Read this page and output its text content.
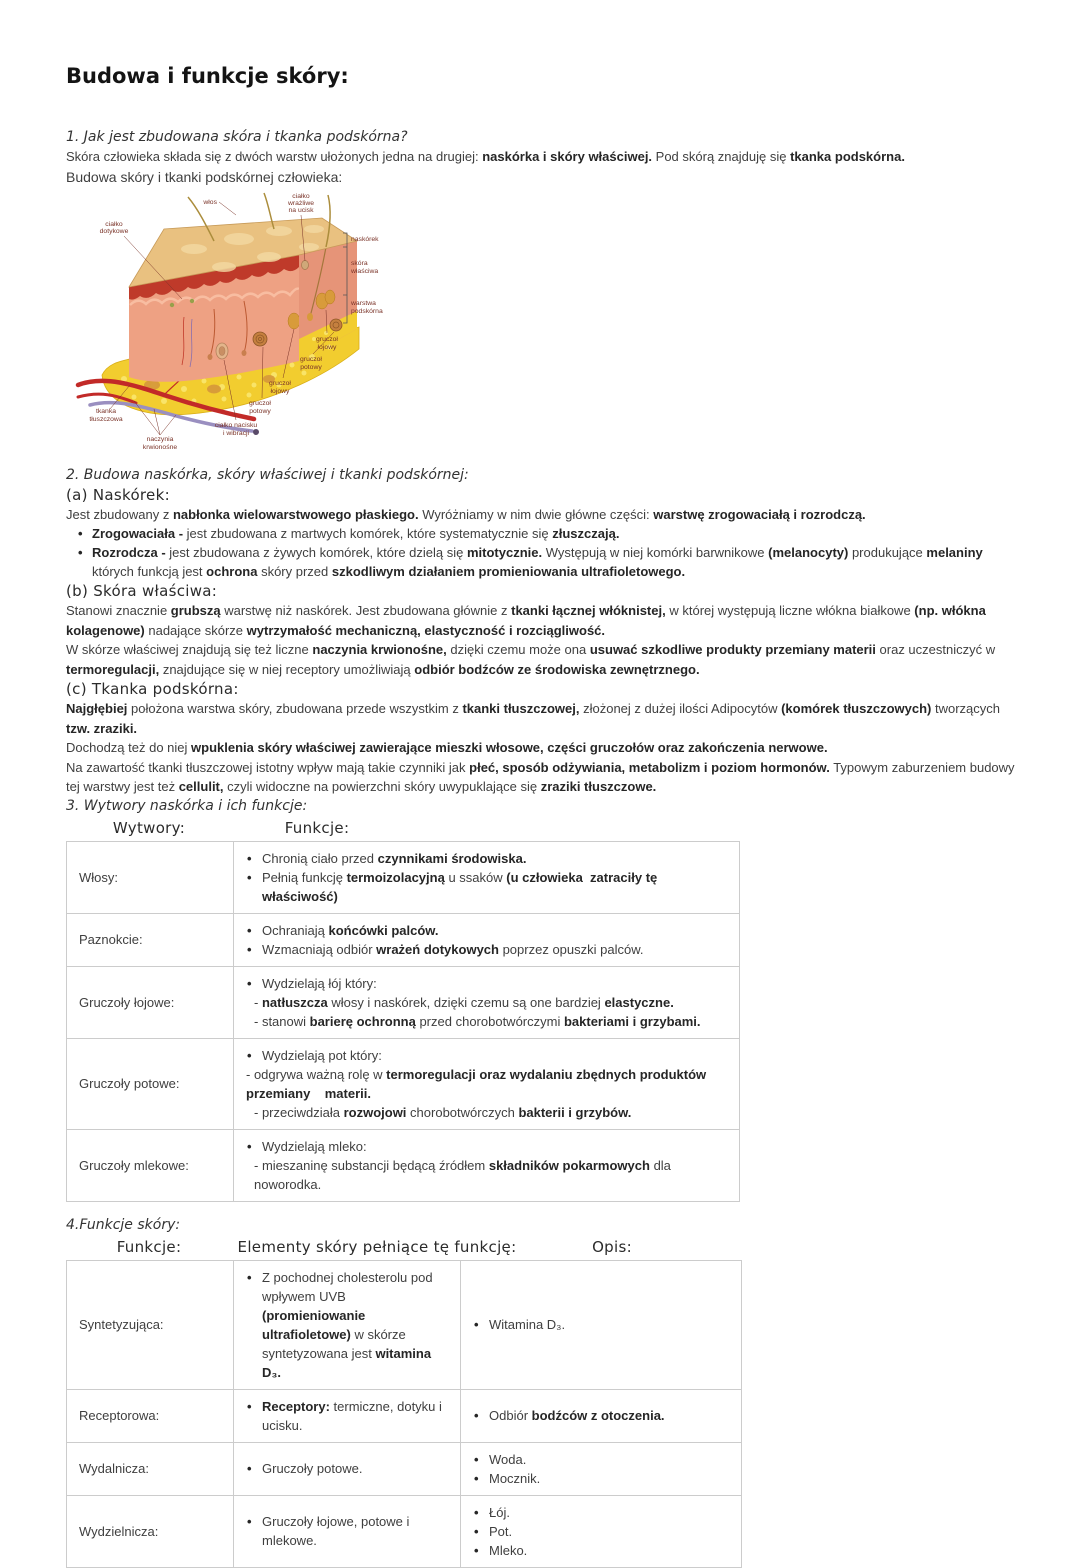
Budowa i funkcje skóry:
1. Jak jest zbudowana skóra i tkanka podskórna?

Skóra człowieka składa się z dwóch warstw ułożonych jedna na drugiej: naskórka i skóry właściwej. Pod skórą znajduję się tkanka podskórna.

Budowa skóry i tkanki podskórnej człowieka:

włos
ciałko
wrażliwe
na ucisk
ciałko
dotykowe
naskórek
skóra
właściwa
warstwa
podskórna
gruczoł
łojowy
gruczoł
potowy
gruczoł
łojowy
gruczoł
potowy
ciałko nacisku
i wibracji
tkanka
tłuszczowa
naczynia
krwionośne
2. Budowa naskórka, skóry właściwej i tkanki podskórnej:
(a) Naskórek:

Jest zbudowany z nabłonka wielowarstwowego płaskiego. Wyróżniamy w nim dwie główne części: warstwę zrogowaciałą i rozrodczą.

• Zrogowaciała - jest zbudowana z martwych komórek, które systematycznie się złuszczają.
• Rozrodcza - jest zbudowana z żywych komórek, które dzielą się mitotycznie. Występują w niej komórki barwnikowe (melanocyty) produkujące melaniny których funkcją jest ochrona skóry przed szkodliwym działaniem promieniowania ultrafioletowego.
(b) Skóra właściwa:

Stanowi znacznie grubszą warstwę niż naskórek. Jest zbudowana głównie z tkanki łącznej włóknistej, w której występują liczne włókna białkowe (np. włókna kolagenowe) nadające skórze wytrzymałość mechaniczną, elastyczność i rozciągliwość.

W skórze właściwej znajdują się też liczne naczynia krwionośne, dzięki czemu może ona usuwać szkodliwe produkty przemiany materii oraz uczestniczyć w termoregulacji, znajdujące się w niej receptory umożliwiają odbiór bodźców ze środowiska zewnętrznego.

(c) Tkanka podskórna:

Najgłębiej położona warstwa skóry, zbudowana przede wszystkim z tkanki tłuszczowej, złożonej z dużej ilości Adipocytów (komórek tłuszczowych) tworzących tzw. zraziki.

Dochodzą też do niej wpuklenia skóry właściwej zawierające mieszki włosowe, części gruczołów oraz zakończenia nerwowe.

Na zawartość tkanki tłuszczowej istotny wpływ mają takie czynniki jak płeć, sposób odżywiania, metabolizm i poziom hormonów. Typowym zaburzeniem budowy tej warstwy jest też cellulit, czyli widoczne na powierzchni skóry uwypuklające się zraziki tłuszczowe.

3. Wytwory naskórka i ich funkcje:
Wytwory:	Funkcje:
Włosy:	• Chronią ciało przed czynnikami środowiska.
• Pełnią funkcję termoizolacyjną u ssaków (u człowieka  zatraciły tę właściwość)

Paznokcie:	• Ochraniają końcówki palców.
• Wzmacniają odbiór wrażeń dotykowych poprzez opuszki palców.

Gruczoły łojowe:	• Wydzielają łój który:
- natłuszcza włosy i naskórek, dzięki czemu są one bardziej elastyczne.
- stanowi barierę ochronną przed chorobotwórczymi bakteriami i grzybami.

Gruczoły potowe:	• Wydzielają pot który:
- odgrywa ważną rolę w termoregulacji oraz wydalaniu zbędnych produktów
przemiany    materii.
- przeciwdziała rozwojowi chorobotwórczych bakterii i grzybów.

Gruczoły mlekowe:	• Wydzielają mleko:
- mieszaninę substancji będącą źródłem składników pokarmowych dla noworodka.
4.Funkcje skóry:
Funkcje:	Elementy skóry pełniące tę funkcję:	Opis:
Syntetyzująca:	• Z pochodnej cholesterolu pod wpływem UVB (promieniowanie ultrafioletowe) w skórze syntetyzowana jest witamina D₃.	• Witamina D₃.

Receptorowa:	• Receptory: termiczne, dotyku i ucisku.	• Odbiór bodźców z otoczenia.

Wydalnicza:	• Gruczoły potowe.	• Woda.
• Mocznik.

Wydzielnicza:	• Gruczoły łojowe, potowe i mlekowe.	• Łój.
• Pot.
• Mleko.
